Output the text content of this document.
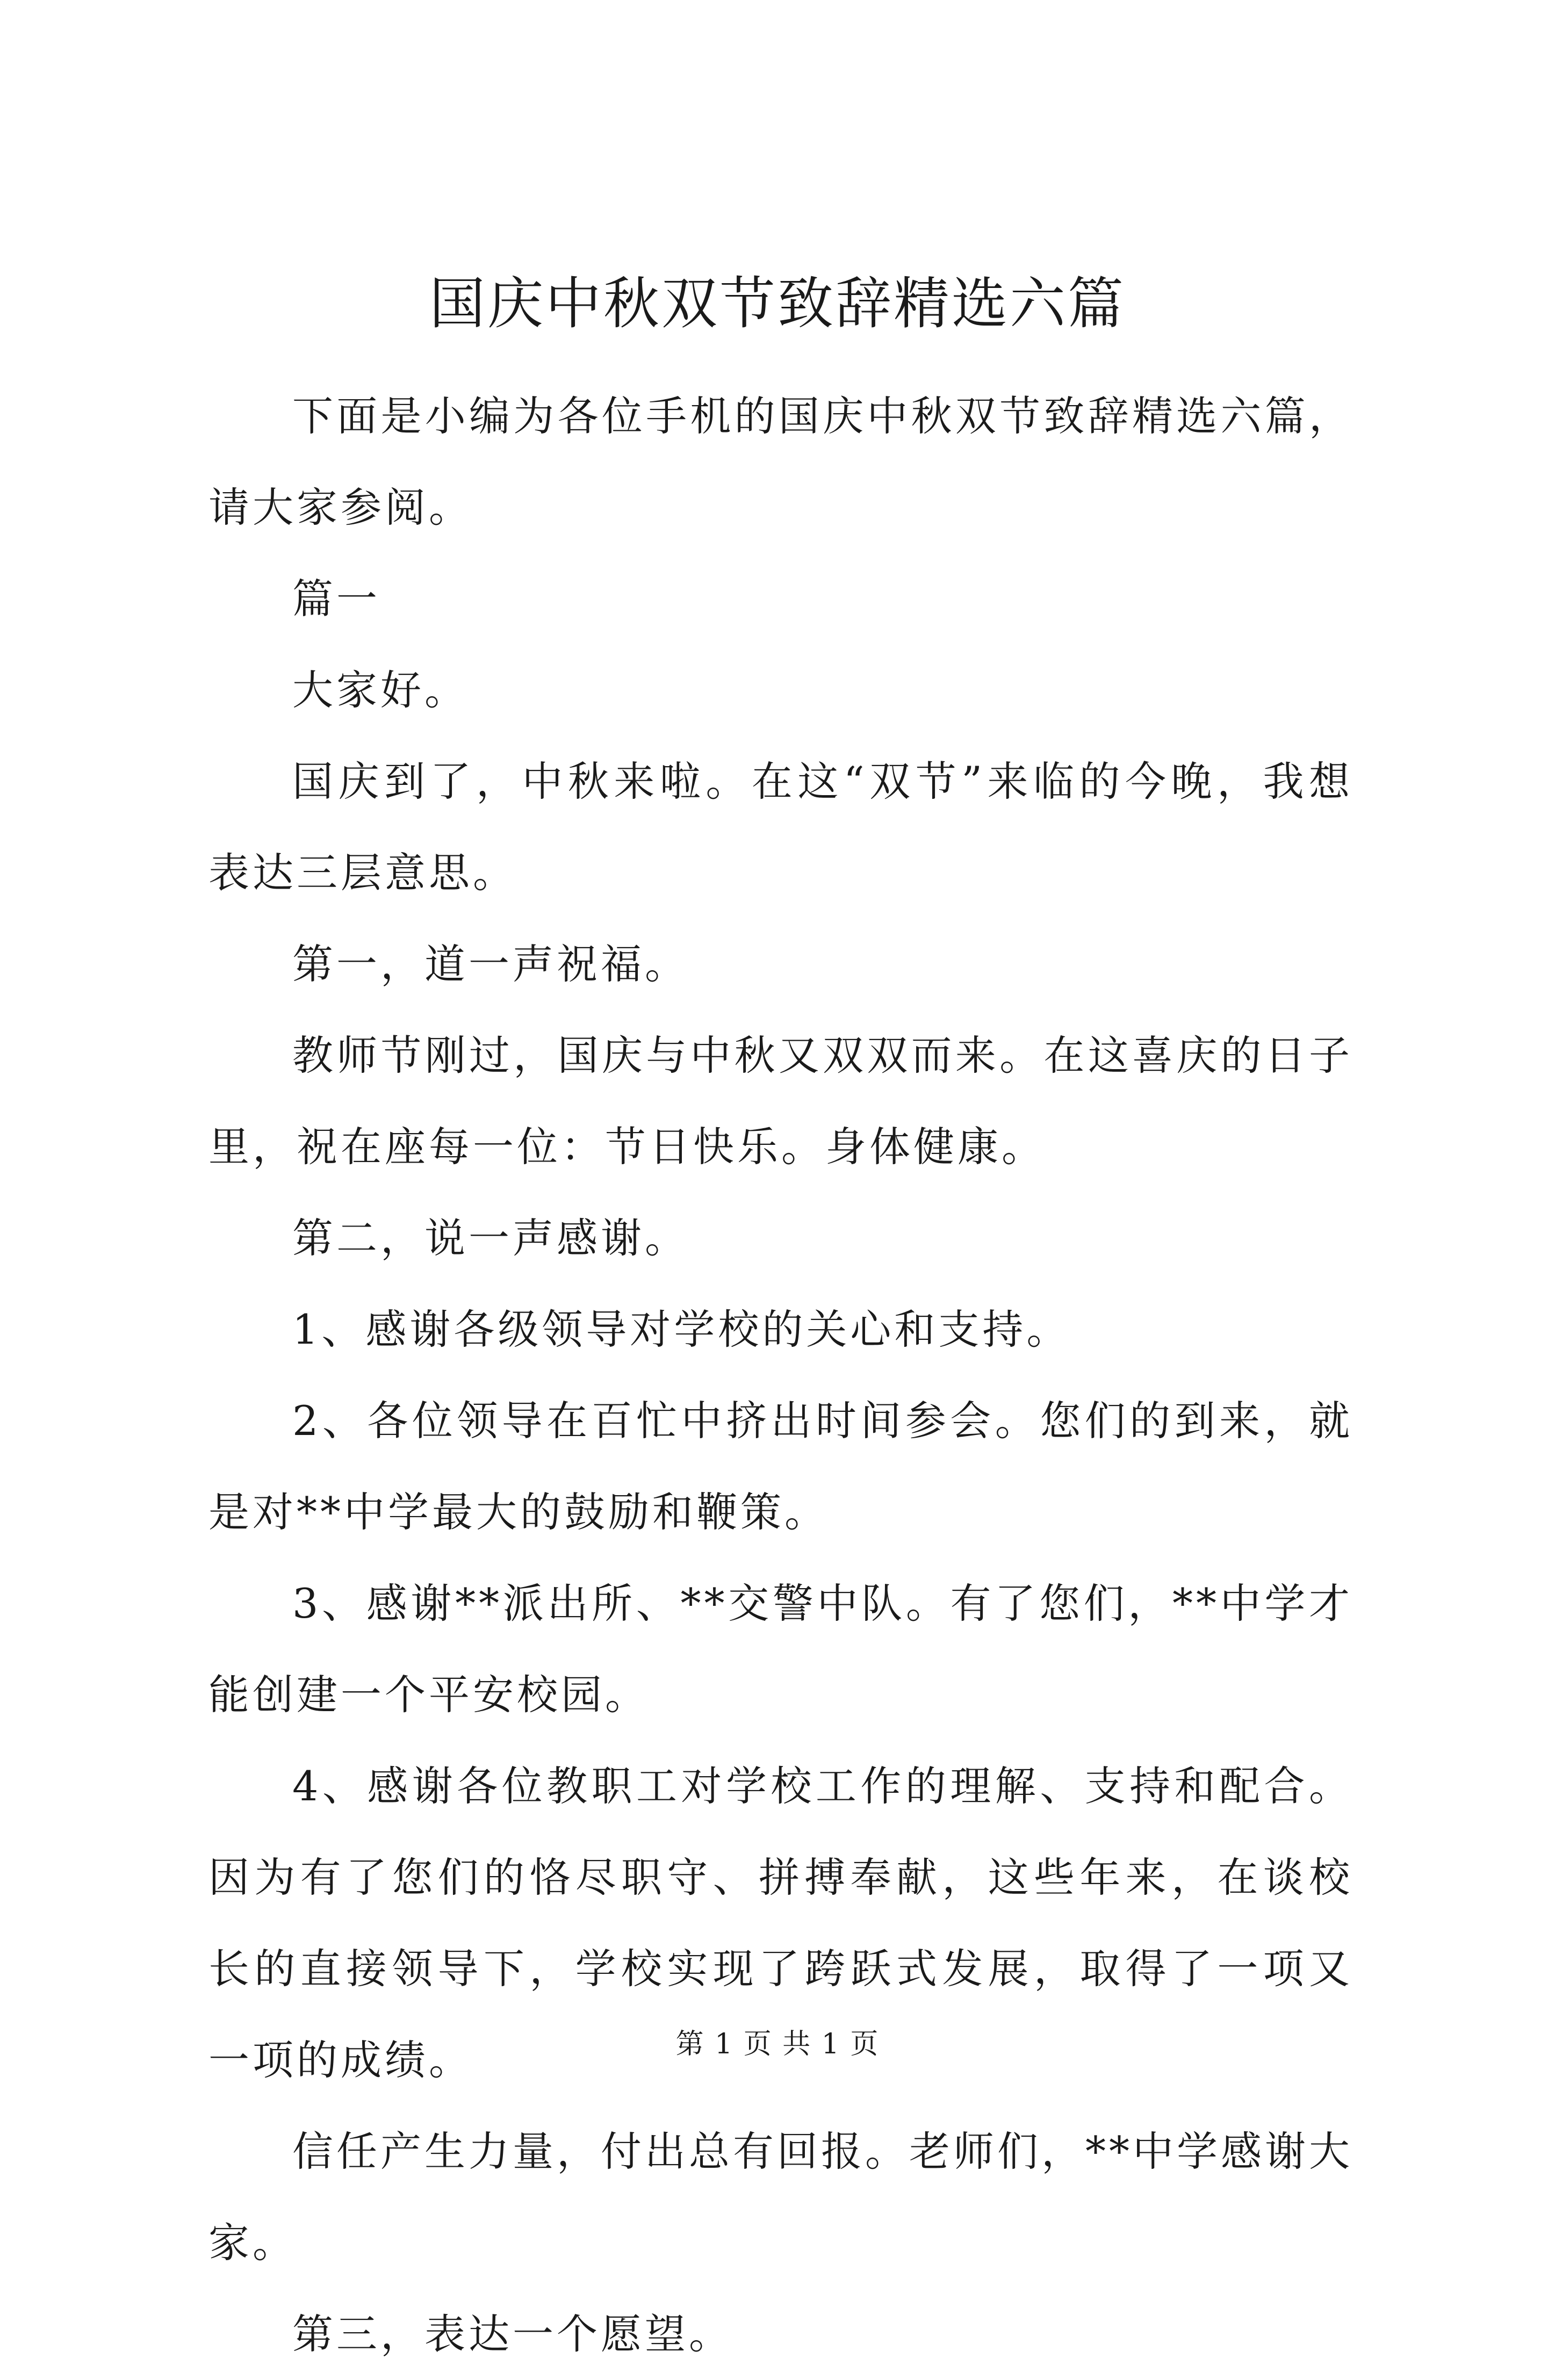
国庆中秋双节致辞精选六篇

下面是小编为各位手机的国庆中秋双节致辞精选六篇，请大家参阅。

篇一

大家好。

国庆到了，中秋来啦。在这“双节”来临的今晚，我想表达三层意思。

第一，道一声祝福。

教师节刚过，国庆与中秋又双双而来。在这喜庆的日子里，祝在座每一位：节日快乐。身体健康。

第二，说一声感谢。

1、感谢各级领导对学校的关心和支持。

2、各位领导在百忙中挤出时间参会。您们的到来，就是对**中学最大的鼓励和鞭策。

3、感谢**派出所、**交警中队。有了您们，**中学才能创建一个平安校园。

4、感谢各位教职工对学校工作的理解、支持和配合。因为有了您们的恪尽职守、拼搏奉献，这些年来，在谈校长的直接领导下，学校实现了跨跃式发展，取得了一项又一项的成绩。

信任产生力量，付出总有回报。老师们，**中学感谢大家。

第三，表达一个愿望。

第 1 页 共 1 页
